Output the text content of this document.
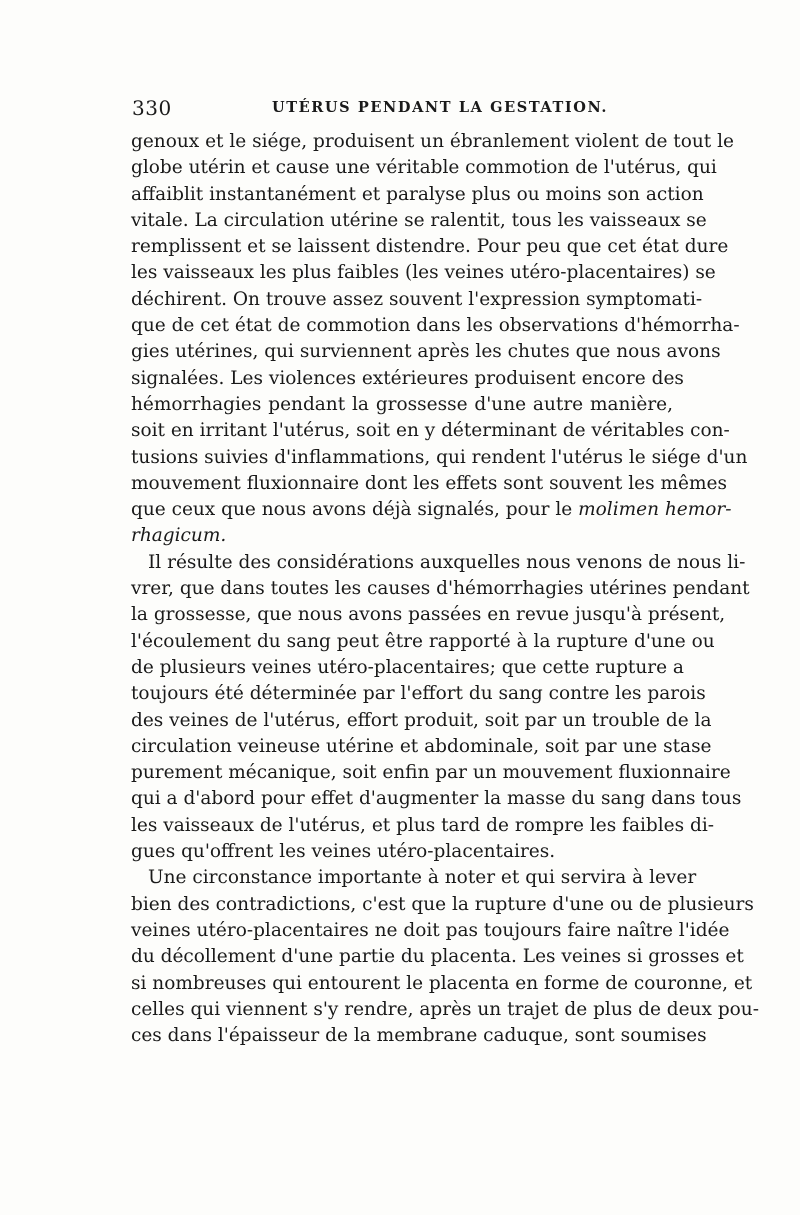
330	UTÉRUS PENDANT LA GESTATION.
genoux et le siége, produisent un ébranlement violent de tout le
globe utérin et cause une véritable commotion de l'utérus, qui
affaiblit instantanément et paralyse plus ou moins son action
vitale. La circulation utérine se ralentit, tous les vaisseaux se
remplissent et se laissent distendre. Pour peu que cet état dure
les vaisseaux les plus faibles (les veines utéro-placentaires) se
déchirent. On trouve assez souvent l'expression symptomati-
que de cet état de commotion dans les observations d'hémorrha-
gies utérines, qui surviennent après les chutes que nous avons
signalées. Les violences extérieures produisent encore des
hémorrhagies pendant la grossesse d'une autre manière,
soit en irritant l'utérus, soit en y déterminant de véritables con-
tusions suivies d'inflammations, qui rendent l'utérus le siége d'un
mouvement fluxionnaire dont les effets sont souvent les mêmes
que ceux que nous avons déjà signalés, pour le molimen hemor-
rhagicum.
Il résulte des considérations auxquelles nous venons de nous li-
vrer, que dans toutes les causes d'hémorrhagies utérines pendant
la grossesse, que nous avons passées en revue jusqu'à présent,
l'écoulement du sang peut être rapporté à la rupture d'une ou
de plusieurs veines utéro-placentaires; que cette rupture a
toujours été déterminée par l'effort du sang contre les parois
des veines de l'utérus, effort produit, soit par un trouble de la
circulation veineuse utérine et abdominale, soit par une stase
purement mécanique, soit enfin par un mouvement fluxionnaire
qui a d'abord pour effet d'augmenter la masse du sang dans tous
les vaisseaux de l'utérus, et plus tard de rompre les faibles di-
gues qu'offrent les veines utéro-placentaires.
Une circonstance importante à noter et qui servira à lever
bien des contradictions, c'est que la rupture d'une ou de plusieurs
veines utéro-placentaires ne doit pas toujours faire naître l'idée
du décollement d'une partie du placenta. Les veines si grosses et
si nombreuses qui entourent le placenta en forme de couronne, et
celles qui viennent s'y rendre, après un trajet de plus de deux pou-
ces dans l'épaisseur de la membrane caduque, sont soumises
